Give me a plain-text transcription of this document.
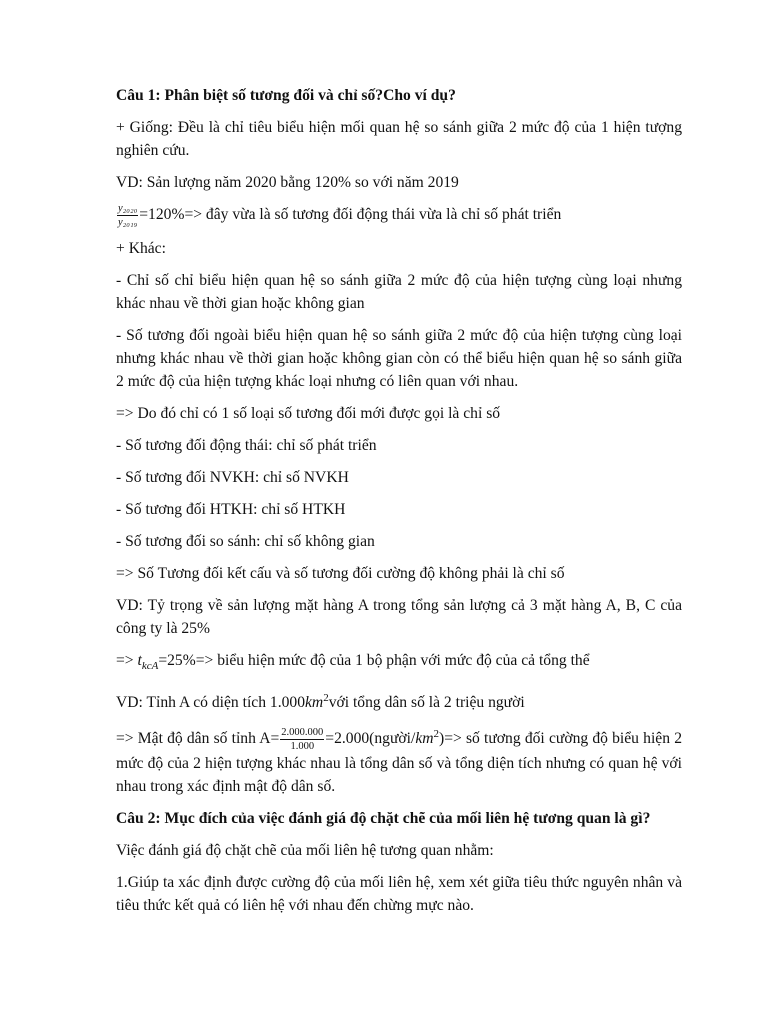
Câu 1: Phân biệt số tương đối và chỉ số?Cho ví dụ?

+ Giống: Đều là chỉ tiêu biểu hiện mối quan hệ so sánh giữa 2 mức độ của 1 hiện tượng nghiên cứu.

VD: Sản lượng năm 2020 bằng 120% so với năm 2019

$\frac{\text{y₂₀₂₀}}{\text{y₂₀₁₉}} =120\%=>$ đây vừa là số tương đối động thái vừa là chỉ số phát triển

+ Khác:

- Chỉ số chỉ biểu hiện quan hệ so sánh giữa 2 mức độ của hiện tượng cùng loại nhưng khác nhau về thời gian hoặc không gian

- Số tương đối ngoài biểu hiện quan hệ so sánh giữa 2 mức độ của hiện tượng cùng loại nhưng khác nhau về thời gian hoặc không gian còn có thể biểu hiện quan hệ so sánh giữa 2 mức độ của hiện tượng khác loại nhưng có liên quan với nhau.

=> Do đó chỉ có 1 số loại số tương đối mới được gọi là chỉ số

- Số tương đối động thái: chỉ số phát triển

- Số tương đối NVKH: chỉ số NVKH

- Số tương đối HTKH: chỉ số HTKH

- Số tương đối so sánh: chỉ số không gian

=> Số Tương đối kết cấu và số tương đối cường độ không phải là chỉ số

VD: Tỷ trọng về sản lượng mặt hàng A trong tổng sản lượng cả 3 mặt hàng A, B, C của công ty là 25%

=> $t_{kcA}=25\%=>$ biểu hiện mức độ của 1 bộ phận với mức độ của cả tổng thể

VD: Tỉnh A có diện tích $1.000km^2với$ tổng dân số là 2 triệu người

=> Mật độ dân số tỉnh $A= \frac{2.000.000}{1.000}$ $=2.000(người/km^2)=>$ số tương đối cường độ biểu hiện 2 mức độ của 2 hiện tượng khác nhau là tổng dân số và tổng diện tích nhưng có quan hệ với nhau trong xác định mật độ dân số.

Câu 2: Mục đích của việc đánh giá độ chặt chẽ của mối liên hệ tương quan là gì?

Việc đánh giá độ chặt chẽ của mối liên hệ tương quan nhằm:

1.Giúp ta xác định được cường độ của mối liên hệ, xem xét giữa tiêu thức nguyên nhân và tiêu thức kết quả có liên hệ với nhau đến chừng mực nào.
